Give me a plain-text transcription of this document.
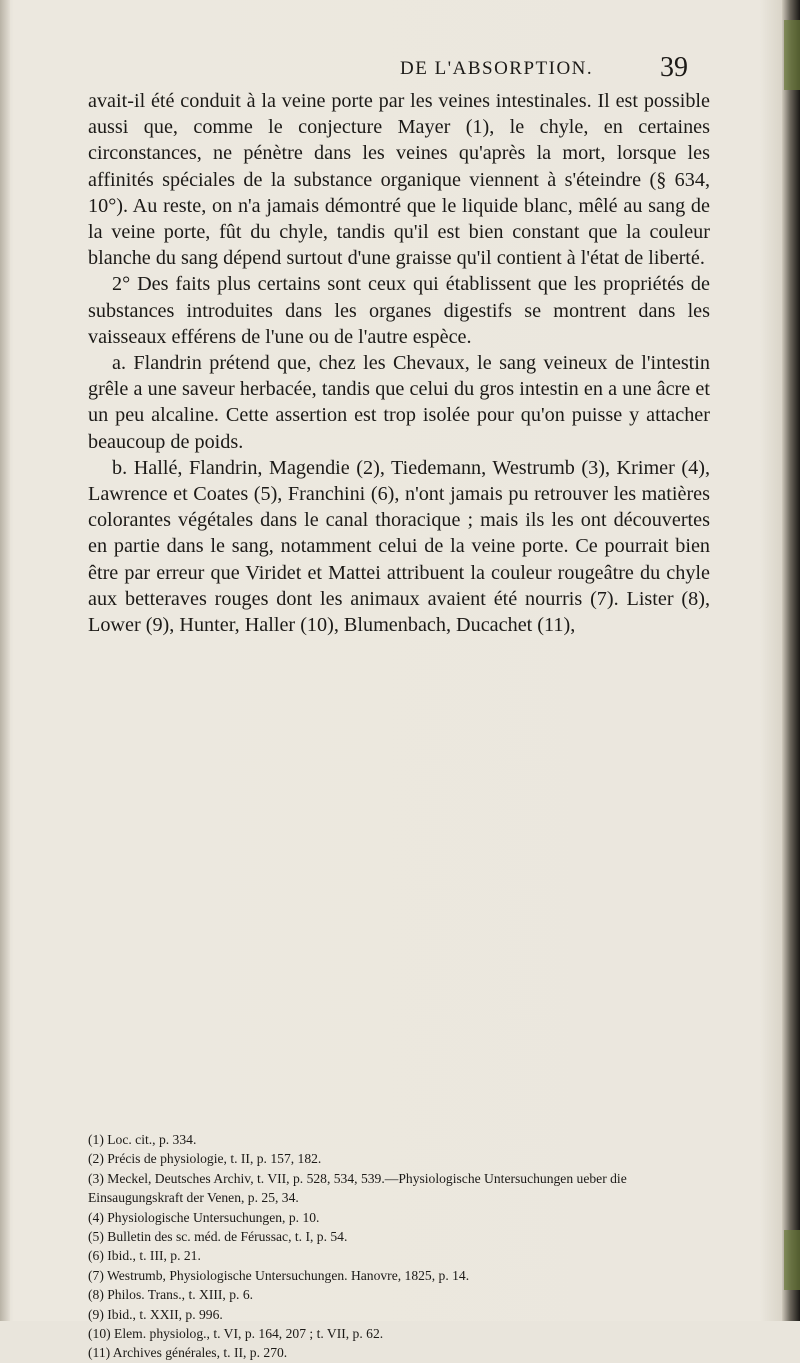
DE L'ABSORPTION. 39

avait-il été conduit à la veine porte par les veines intestinales. Il est possible aussi que, comme le conjecture Mayer (1), le chyle, en certaines circonstances, ne pénètre dans les veines qu'après la mort, lorsque les affinités spéciales de la substance organique viennent à s'éteindre (§ 634, 10°). Au reste, on n'a jamais démontré que le liquide blanc, mêlé au sang de la veine porte, fût du chyle, tandis qu'il est bien constant que la couleur blanche du sang dépend surtout d'une graisse qu'il contient à l'état de liberté.

2° Des faits plus certains sont ceux qui établissent que les propriétés de substances introduites dans les organes digestifs se montrent dans les vaisseaux efférens de l'une ou de l'autre espèce.

a. Flandrin prétend que, chez les Chevaux, le sang veineux de l'intestin grêle a une saveur herbacée, tandis que celui du gros intestin en a une âcre et un peu alcaline. Cette assertion est trop isolée pour qu'on puisse y attacher beaucoup de poids.

b. Hallé, Flandrin, Magendie (2), Tiedemann, Westrumb (3), Krimer (4), Lawrence et Coates (5), Franchini (6), n'ont jamais pu retrouver les matières colorantes végétales dans le canal thoracique ; mais ils les ont découvertes en partie dans le sang, notamment celui de la veine porte. Ce pourrait bien être par erreur que Viridet et Mattei attribuent la couleur rougeâtre du chyle aux betteraves rouges dont les animaux avaient été nourris (7). Lister (8), Lower (9), Hunter, Haller (10), Blumenbach, Ducachet (11),

(1) Loc. cit., p. 334.
(2) Précis de physiologie, t. II, p. 157, 182.
(3) Meckel, Deutsches Archiv, t. VII, p. 528, 534, 539.—Physiologische Untersuchungen ueber die Einsaugungskraft der Venen, p. 25, 34.
(4) Physiologische Untersuchungen, p. 10.
(5) Bulletin des sc. méd. de Férussac, t. I, p. 54.
(6) Ibid., t. III, p. 21.
(7) Westrumb, Physiologische Untersuchungen. Hanovre, 1825, p. 14.
(8) Philos. Trans., t. XIII, p. 6.
(9) Ibid., t. XXII, p. 996.
(10) Elem. physiolog., t. VI, p. 164, 207 ; t. VII, p. 62.
(11) Archives générales, t. II, p. 270.
